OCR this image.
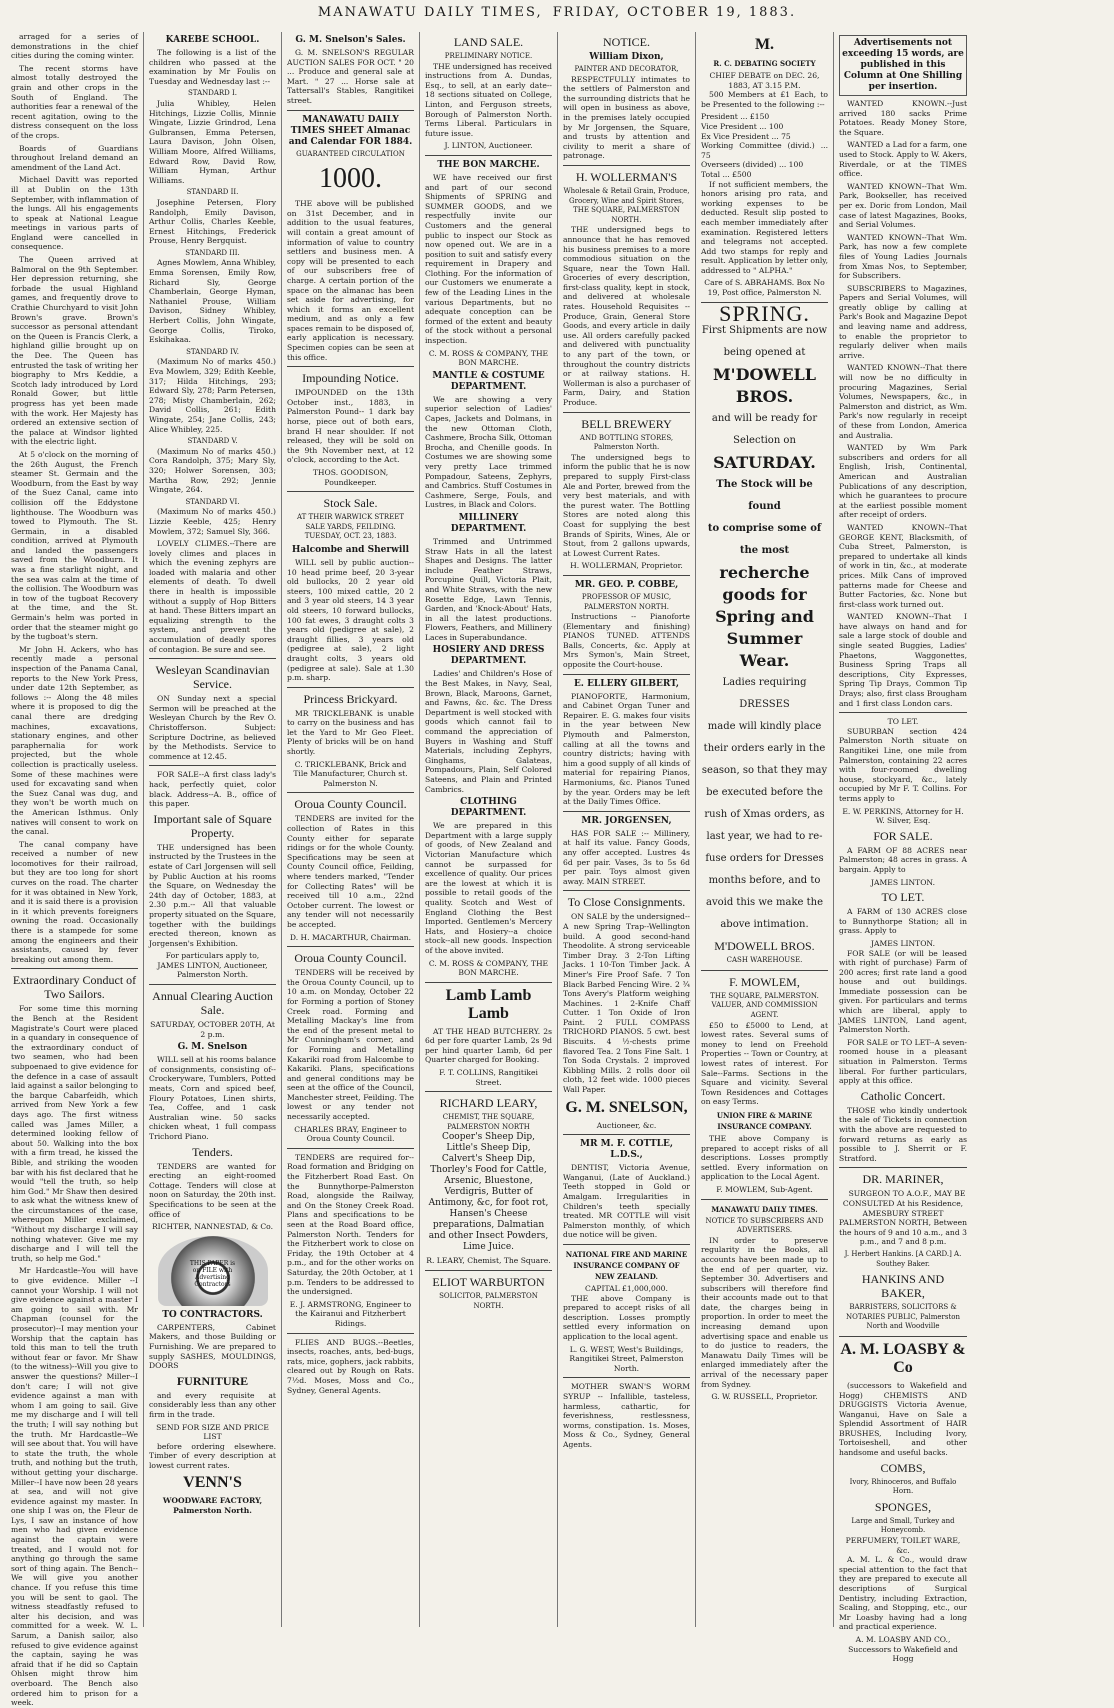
MANAWATU DAILY TIMES, FRIDAY, OCTOBER 19, 1883.

arraged for a series of demonstrations in the chief cities during the coming winter.

The recent storms have almost totally destroyed the grain and other crops in the South of England. The authorities fear a renewal of the recent agitation, owing to the distress consequent on the loss of the crops.

Boards of Guardians throughout Ireland demand an amendment of the Land Act.

Michael Davitt was reported ill at Dublin on the 13th September, with inflammation of the lungs. All his engagements to speak at National League meetings in various parts of England were cancelled in consequence.

The Queen arrived at Balmoral on the 9th September. Her depression returning, she forbade the usual Highland games, and frequently drove to Crathie Churchyard to visit John Brown's grave. Brown's successor as personal attendant on the Queen is Francis Clerk, a highland gillie brought up on the Dee. The Queen has entrusted the task of writing her biography to Mrs Keddie, a Scotch lady introduced by Lord Ronald Gower, but little progress has yet been made with the work. Her Majesty has ordered an extensive section of the palace at Windsor lighted with the electric light.

At 5 o'clock on the morning of the 26th August, the French steamer St. Germain and the Woodburn, from the East by way of the Suez Canal, came into collision off the Eddystone lighthouse. The Woodburn was towed to Plymouth. The St. Germain, in a disabled condition, arrived at Plymouth and landed the passengers saved from the Woodburn. It was a fine starlight night, and the sea was calm at the time of the collision. The Woodburn was in tow of the tugboat Recovery at the time, and the St. Germain's helm was ported in order that the steamer might go by the tugboat's stern.

Mr John H. Ackers, who has recently made a personal inspection of the Panama Canal, reports to the New York Press, under date 12th September, as follows :-- Along the 48 miles where it is proposed to dig the canal there are dredging machines, excavations, stationary engines, and other paraphernalia for work projected, but the whole collection is practically useless. Some of these machines were used for excavating sand when the Suez Canal was dug, and they won't be worth much on the American Isthmus. Only natives will consent to work on the canal.

The canal company have received a number of new locomotives for their railroad, but they are too long for short curves on the road. The charter for it was obtained in New York, and it is said there is a provision in it which prevents foreigners owning the road. Occasionally there is a stampede for some among the engineers and their assistants, caused by fever breaking out among them.

Extraordinary Conduct of Two Sailors.

For some time this morning the Bench at the Resident Magistrate's Court were placed in a quandary in consequence of the extraordinary conduct of two seamen, who had been subpoenaed to give evidence for the defence in a case of assault laid against a sailor belonging to the barque Cabarfeidh, which arrived from New York a few days ago. The first witness called was James Miller, a determined looking fellow of about 50. Walking into the box with a firm tread, he kissed the Bible, and striking the wooden bar with his fist declared that he would "tell the truth, so help him God." Mr Shaw then desired to ask what the witness knew of the circumstances of the case, whereupon Miller exclaimed, "Without my discharge I will say nothing whatever. Give me my discharge and I will tell the truth, so help me God."

Mr Hardcastle--You will have to give evidence. Miller --I cannot your Worship. I will not give evidence against a master I am going to sail with. Mr Chapman (counsel for the prosecutor)--I may mention your Worship that the captain has told this man to tell the truth without fear or favor. Mr Shaw (to the witness)--Will you give to answer the questions? Miller--I don't care; I will not give evidence against a man with whom I am going to sail. Give me my discharge and I will tell the truth; I will say nothing but the truth. Mr Hardcastle--We will see about that. You will have to state the truth, the whole truth, and nothing but the truth, without getting your discharge. Miller--I have now been 28 years at sea, and will not give evidence against my master. In one ship I was on, the Fleur de Lys, I saw an instance of how men who had given evidence against the captain were treated, and I would not for anything go through the same sort of thing again. The Bench--We will give you another chance. If you refuse this time you will be sent to gaol. The witness steadfastly refused to alter his decision, and was committed for a week. W. L. Sarum, a Danish sailor, also refused to give evidence against the captain, saying he was afraid that if he did so Captain Ohlsen might throw him overboard. The Bench also ordered him to prison for a week.

KAREBE SCHOOL.

The following is a list of the children who passed at the examination by Mr Foulis on Tuesday and Wednesday last :--

STANDARD I.

Julia Whibley, Helen Hitchings, Lizzie Collis, Minnie Wingate, Lizzie Grindrod, Lena Gulbransen, Emma Petersen, Laura Davison, John Olsen, William Moore, Alfred Williams, Edward Row, David Row, William Hyman, Arthur Williams.

STANDARD II.

Josephine Petersen, Flory Randolph, Emily Davison, Arthur Collis, Charles Keeble, Ernest Hitchings, Frederick Prouse, Henry Bergquist.

STANDARD III.

Agnes Mowlem, Anna Whibley, Emma Sorensen, Emily Row, Richard Sly, George Chamberlain, George Hyman, Nathaniel Prouse, William Davison, Sidney Whibley, Herbert Collis, John Wingate, George Collis, Tiroko, Eskihakaa.

STANDARD IV.

(Maximum No of marks 450.) Eva Mowlem, 329; Edith Keeble, 317; Hilda Hitchings, 293; Edward Sly, 278; Parm Petersen, 278; Misty Chamberlain, 262; David Collis, 261; Edith Wingate, 254; Jane Collis, 243; Alice Whibley, 225.

STANDARD V.

(Maximum No of marks 450.) Cora Randolph, 375; Mary Sly, 320; Holwer Sorensen, 303; Martha Row, 292; Jennie Wingate, 264.

STANDARD VI.

(Maximum No of marks 450.) Lizzie Keeble, 425; Henry Mowlem, 372; Samuel Sly, 366.

LOVELY CLIMES.--There are lovely climes and places in which the evening zephyrs are loaded with malaria and other elements of death. To dwell there in health is impossible without a supply of Hop Bitters at hand. These Bitters impart an equalizing strength to the system, and prevent the accumulation of deadly spores of contagion. Be sure and see.

Wesleyan Scandinavian Service.

ON Sunday next a special Sermon will be preached at the Wesleyan Church by the Rev O. Christofferson. Subject: Scripture Doctrine, as believed by the Methodists. Service to commence at 12.45.

FOR SALE--A first class lady's hack, perfectly quiet, color black. Address--A. B., office of this paper.

Important sale of Square Property.

THE undersigned has been instructed by the Trustees in the estate of Carl Jorgensen will sell by Public Auction at his rooms the Square, on Wednesday the 24th day of October, 1883, at 2.30 p.m.-- All that valuable property situated on the Square, together with the buildings erected thereon, known as Jorgensen's Exhibition.

For particulars apply to,
JAMES LINTON, Auctioneer, Palmerston North.
Annual Clearing Auction Sale.
SATURDAY, OCTOBER 20TH, At 2 p.m.
G. M. Snelson

WILL sell at his rooms balance of consignments, consisting of-- Crockeryware, Tumblers, Potted meats, Corn and spiced beef, Floury Potatoes, Linen shirts, Tea, Coffee, and 1 cask Australian wine. 50 sacks chicken wheat, 1 full compass Trichord Piano.

Tenders.

TENDERS are wanted for erecting an eight-roomed Cottage. Tenders will close at noon on Saturday, the 20th inst. Specifications to be seen at the office of

RICHTER, NANNESTAD, & Co.
THIS PAPER is on FILE with Advertising Contractors
TO CONTRACTORS.

CARPENTERS, Cabinet Makers, and those Building or Furnishing. We are prepared to supply SASHES, MOULDINGS, DOORS

FURNITURE

and every requisite at considerably less than any other firm in the trade.

SEND FOR SIZE AND PRICE LIST

before ordering elsewhere. Timber of every description at lowest current rates.

VENN'S
WOODWARE FACTORY, Palmerston North.
G. M. Snelson's Sales.

G. M. SNELSON'S REGULAR AUCTION SALES FOR OCT. " 20 ... Produce and general sale at Mart. " 27 ... Horse sale at Tattersall's Stables, Rangitikei street.

MANAWATU DAILY TIMES SHEET Almanac and Calendar FOR 1884.
GUARANTEED CIRCULATION
1000.

THE above will be published on 31st December, and in addition to the usual features, will contain a great amount of information of value to country settlers and business men. A copy will be presented to each of our subscribers free of charge. A certain portion of the space on the almanac has been set aside for advertising, for which it forms an excellent medium, and as only a few spaces remain to be disposed of, early application is necessary. Specimen copies can be seen at this office.

Impounding Notice.

IMPOUNDED on the 13th October inst., 1883, in Palmerston Pound-- 1 dark bay horse, piece out of both ears, brand H near shoulder. If not released, they will be sold on the 9th November next, at 12 o'clock, according to the Act.

THOS. GOODISON, Poundkeeper.
Stock Sale.
AT THEIR WARWICK STREET SALE YARDS, FEILDING. TUESDAY, OCT. 23, 1883.
Halcombe and Sherwill

WILL sell by public auction-- 10 head prime beef, 20 3-year old bullocks, 20 2 year old steers, 100 mixed cattle, 20 2 and 3 year old steers, 14 3 year old steers, 10 forward bullocks, 100 fat ewes, 3 draught colts 3 years old (pedigree at sale), 2 draught fillies, 3 years old (pedigree at sale), 2 light draught colts, 3 years old (pedigree at sale). Sale at 1.30 p.m. sharp.

Princess Brickyard.

MR TRICKLEBANK is unable to carry on the business and has let the Yard to Mr Geo Fleet. Plenty of bricks will be on hand shortly.

C. TRICKLEBANK, Brick and Tile Manufacturer, Church st. Palmerston N.
Oroua County Council.

TENDERS are invited for the collection of Rates in this County either for separate ridings or for the whole County. Specifications may be seen at County Council office, Feilding, where tenders marked, "Tender for Collecting Rates" will be received till 10 a.m., 22nd October current. The lowest or any tender will not necessarily be accepted.

D. H. MACARTHUR, Chairman.
Oroua County Council.

TENDERS will be received by the Oroua County Council, up to 10 a.m. on Monday, October 22 for Forming a portion of Stoney Creek road. Forming and Metalling Mackay's line from the end of the present metal to Mr Cunningham's corner, and for Forming and Metalling Kakariki road from Halcombe to Kakariki. Plans, specifications and general conditions may be seen at the office of the Council, Manchester street, Feilding. The lowest or any tender not necessarily accepted.

CHARLES BRAY, Engineer to Oroua County Council.

TENDERS are required for-- Road formation and Bridging on the Fitzherbert Road East. On the Bunnythorpe-Palmerston Road, alongside the Railway, and On the Stoney Creek Road. Plans and specifications to be seen at the Road Board office, Palmerston North. Tenders for the Fitzherbert work to close on Friday, the 19th October at 4 p.m., and for the other works on Saturday, the 20th October, at 1 p.m. Tenders to be addressed to the undersigned.

E. J. ARMSTRONG, Engineer to the Kairanui and Fitzherbert Ridings.

FLIES AND BUGS.--Beetles, insects, roaches, ants, bed-bugs, rats, mice, gophers, jack rabbits, cleared out by Rough on Rats. 7½d. Moses, Moss and Co., Sydney, General Agents.

LAND SALE.
PRELIMINARY NOTICE.

THE undersigned has received instructions from A. Dundas, Esq., to sell, at an early date-- 18 sections situated on College, Linton, and Ferguson streets, Borough of Palmerston North. Terms Liberal. Particulars in future issue.

J. LINTON, Auctioneer.
THE BON MARCHE.

WE have received our first and part of our second Shipments of SPRING and SUMMER GOODS, and we respectfully invite our Customers and the general public to inspect our Stock as now opened out. We are in a position to suit and satisfy every requirement in Drapery and Clothing. For the information of our Customers we enumerate a few of the Leading Lines in the various Departments, but no adequate conception can be formed of the extent and beauty of the stock without a personal inspection.

C. M. ROSS & COMPANY, THE BON MARCHE.
MANTLE & COSTUME DEPARTMENT.

We are showing a very superior selection of Ladies' Capes, Jackets and Dolmans, in the new Ottoman Cloth, Cashmere, Brocha Silk, Ottoman Brocha, and Chenille goods. In Costumes we are showing some very pretty Lace trimmed Pompadour, Sateens, Zephyrs, and Cambrics. Stuff Costumes in Cashmere, Serge, Fouls, and Lustres, in Black and Colors.

MILLINERY DEPARTMENT.

Trimmed and Untrimmed Straw Hats in all the latest Shapes and Designs. The latter include Feather Straws, Porcupine Quill, Victoria Plait, and White Straws, with the new Rosette Edge, Lawn Tennis, Garden, and 'Knock-About' Hats, in all the latest productions. Flowers, Feathers, and Millinery Laces in Superabundance.

HOSIERY AND DRESS DEPARTMENT.

Ladies' and Children's Hose of the Best Makes, in Navy, Seal, Brown, Black, Maroons, Garnet, and Fawns, &c. &c. The Dress Department is well stocked with goods which cannot fail to command the appreciation of Buyers in Washing and Stuff Materials, including Zephyrs, Ginghams, Galateas, Pompadours, Plain, Self Colored Sateens, and Plain and Printed Cambrics.

CLOTHING DEPARTMENT.

We are prepared in this Department with a large supply of goods, of New Zealand and Victorian Manufacture which cannot be surpassed for excellence of quality. Our prices are the lowest at which it is possible to retail goods of the quality. Scotch and West of England Clothing the Best Imported. Gentlemen's Mercery Hats, and Hosiery--a choice stock--all new goods. Inspection of the above invited.

C. M. ROSS & COMPANY, THE BON MARCHE.
Lamb Lamb Lamb

AT THE HEAD BUTCHERY. 2s 6d per fore quarter Lamb, 2s 9d per hind quarter Lamb, 6d per Quarter charged for Booking.

F. T. COLLINS, Rangitikei Street.
RICHARD LEARY,
CHEMIST, THE SQUARE, PALMERSTON NORTH

Cooper's Sheep Dip, Little's Sheep Dip, Calvert's Sheep Dip, Thorley's Food for Cattle, Arsenic, Bluestone, Verdigris, Butter of Antimony, &c, for foot rot, Hansen's Cheese preparations, Dalmatian and other Insect Powders, Lime Juice.

R. LEARY, Chemist, The Square.
ELIOT WARBURTON
SOLICITOR, PALMERSTON NORTH.
NOTICE.
William Dixon,
PAINTER AND DECORATOR,

RESPECTFULLY intimates to the settlers of Palmerston and the surrounding districts that he will open in business as above, in the premises lately occupied by Mr Jorgensen, the Square, and trusts by attention and civility to merit a share of patronage.

H. WOLLERMAN'S
Wholesale & Retail Grain, Produce, Grocery, Wine and Spirit Stores, THE SQUARE, PALMERSTON NORTH.

THE undersigned begs to announce that he has removed his business premises to a more commodious situation on the Square, near the Town Hall. Groceries of every description, first-class quality, kept in stock, and delivered at wholesale rates. Household Requisites -- Produce, Grain, General Store Goods, and every article in daily use. All orders carefully packed and delivered with punctuality to any part of the town, or throughout the country districts or at railway stations. H. Wollerman is also a purchaser of Farm, Dairy, and Station Produce.

BELL BREWERY
AND BOTTLING STORES, Palmerston North.

The undersigned begs to inform the public that he is now prepared to supply First-class Ale and Porter, brewed from the very best materials, and with the purest water. The Bottling Stores are noted along this Coast for supplying the best Brands of Spirits, Wines, Ale or Stout, from 2 gallons upwards, at Lowest Current Rates.

H. WOLLERMAN, Proprietor.
MR. GEO. P. COBBE,
PROFESSOR OF MUSIC, PALMERSTON NORTH.

Instructions -- Pianoforte (Elementary and finishing) PIANOS TUNED. ATTENDS Balls, Concerts, &c. Apply at Mrs Symon's, Main Street, opposite the Court-house.

E. ELLERY GILBERT,

PIANOFORTE, Harmonium, and Cabinet Organ Tuner and Repairer. E. G. makes four visits in the year between New Plymouth and Palmerston, calling at all the towns and country districts; having with him a good supply of all kinds of material for repairing Pianos, Harmoniums, &c. Pianos Tuned by the year. Orders may be left at the Daily Times Office.

MR. JORGENSEN,

HAS FOR SALE :-- Millinery, at half its value. Fancy Goods, any offer accepted. Lustres 4s 6d per pair. Vases, 3s to 5s 6d per pair. Toys almost given away. MAIN STREET.

To Close Consignments.

ON SALE by the undersigned-- A new Spring Trap--Wellington build. A good second-hand Theodolite. A strong serviceable Timber Dray. 3 2-Ton Lifting Jacks. 1 10-Ton Timber Jack. A Miner's Fire Proof Safe. 7 Ton Black Barbed Fencing Wire. 2 ¾ Tons Avery's Platform weighing Machines. 1 2-Knife Chaff Cutter. 1 Ton Oxide of Iron Paint. 2 FULL COMPASS TRICHORD PIANOS. 5 cwt. best Biscuits. 4 ½-chests prime flavored Tea. 2 Tons Fine Salt. 1 Ton Soda Crystals. 2 improved Kibbling Mills. 2 rolls door oil cloth, 12 feet wide. 1000 pieces Wall Paper.

G. M. SNELSON,
Auctioneer, &c.
MR M. F. COTTLE, L.D.S.,

DENTIST, Victoria Avenue, Wanganui, (Late of Auckland.) Teeth stopped in Gold or Amalgam. Irregularities in Children's teeth specially treated. MR COTTLE will visit Palmerston monthly, of which due notice will be given.

NATIONAL FIRE AND MARINE INSURANCE COMPANY OF NEW ZEALAND.
CAPITAL £1,000,000.

THE above Company is prepared to accept risks of all description. Losses promptly settled every information on application to the local agent.

L. G. WEST, West's Buildings, Rangitikei Street, Palmerston North.

MOTHER SWAN'S WORM SYRUP -- Infallible, tasteless, harmless, cathartic, for feverishness, restlessness, worms, constipation. 1s. Moses, Moss & Co., Sydney, General Agents.

M.
R. C. DEBATING SOCIETY
CHIEF DEBATE on DEC. 26, 1883, AT 3.15 P.M.

500 Members at £1 Each, to be Presented to the following :--

President ... £150
Vice President ... 100
Ex Vice President ... 75
Working Committee (divid.) ... 75
Overseers (divided) ... 100
Total ... £500

If not sufficient members, the honors arising pro rata, and working expenses to be deducted. Result slip posted to each member immediately after examination. Registered letters and telegrams not accepted. Add two stamps for reply and result. Application by letter only, addressed to " ALPHA."

Care of S. ABRAHAMS. Box No 19, Post office, Palmerston N.
SPRING.
First Shipments are now being opened at
M'DOWELL BROS.
and will be ready for
Selection on
SATURDAY.
The Stock will be found
to comprise some of the most
recherche goods for
Spring and Summer
Wear.
Ladies requiring DRESSES
made will kindly place
their orders early in the
season, so that they may
be executed before the
rush of Xmas orders, as
last year, we had to re-
fuse orders for Dresses
months before, and to
avoid this we make the
above intimation.
M'DOWELL BROS.
CASH WAREHOUSE.
F. MOWLEM,
THE SQUARE, PALMERSTON.
VALUER, AND COMMISSION AGENT.

£50 to £5000 to Lend, at lowest rates. Several sums of money to lend on Freehold Properties -- Town or Country, at lowest rates of interest. For Sale--Farms. Sections in the Square and vicinity. Several Town Residences and Cottages on easy Terms.

UNION FIRE & MARINE INSURANCE COMPANY.

THE above Company is prepared to accept risks of all descriptions. Losses promptly settled. Every information on application to the Local Agent.

F. MOWLEM, Sub-Agent.
MANAWATU DAILY TIMES.
NOTICE TO SUBSCRIBERS AND ADVERTISERS.

IN order to preserve regularity in the Books, all accounts have been made up to the end of per quarter, viz. September 30. Advertisers and subscribers will therefore find their accounts made out to that date, the charges being in proportion. In order to meet the increasing demand upon advertising space and enable us to do justice to readers, the Manawatu Daily Times will be enlarged immediately after the arrival of the necessary paper from Sydney.

G. W. RUSSELL, Proprietor.
Advertisements not exceeding 15 words, are published in this Column at One Shilling per insertion.

WANTED KNOWN.--Just arrived 180 sacks Prime Potatoes. Ready Money Store, the Square.

WANTED a Lad for a farm, one used to Stock. Apply to W. Akers, Riverdale, or at the TIMES office.

WANTED KNOWN--That Wm. Park, Bookseller, has received per ex. Doric from London, Mail case of latest Magazines, Books, and Serial Volumes.

WANTED KNOWN--That Wm. Park, has now a few complete files of Young Ladies Journals from Xmas Nos, to September, for Subscribers.

SUBSCRIBERS to Magazines, Papers and Serial Volumes, will greatly oblige by calling at Park's Book and Magazine Depot and leaving name and address, to enable the proprietor to regularly deliver when mails arrive.

WANTED KNOWN--That there will now be no difficulty in procuring Magazines, Serial Volumes, Newspapers, &c., in Palmerston and district, as Wm. Park's now regularly in receipt of these from London, America and Australia.

WANTED by Wm Park subscribers and orders for all English, Irish, Continental, American and Australian Publications of any description, which he guarantees to procure at the earliest possible moment after receipt of orders.

WANTED KNOWN--That GEORGE KENT, Blacksmith, of Cuba Street, Palmerston, is prepared to undertake all kinds of work in tin, &c., at moderate prices. Milk Cans of improved patterns made for Cheese and Butter Factories, &c. None but first-class work turned out.

WANTED KNOWN--That I have always on hand and for sale a large stock of double and single seated Buggies, Ladies' Phaetons, Waggonettes, Business Spring Traps all descriptions, City Expresses, Spring Tip Drays, Common Tip Drays; also, first class Brougham and 1 first class London cars.

TO LET.

SUBURBAN section 424 Palmerston North situate on Rangitikei Line, one mile from Palmerston, containing 22 acres with four-roomed dwelling house, stockyard, &c., lately occupied by Mr F. T. Collins. For terms apply to

E. W. PERKINS, Attorney for H. W. Silver, Esq.
FOR SALE.

A FARM OF 88 ACRES near Palmerston; 48 acres in grass. A bargain. Apply to

JAMES LINTON.
TO LET.

A FARM of 130 ACRES close to Bunnythorpe Station; all in grass. Apply to

JAMES LINTON.

FOR SALE (or will be leased with right of purchase) Farm of 200 acres; first rate land a good house and out buildings. Immediate possession can be given. For particulars and terms which are liberal, apply to JAMES LINTON, Land agent, Palmerston North.

FOR SALE or TO LET--A seven-roomed house in a pleasant situation in Palmerston. Terms liberal. For further particulars, apply at this office.

Catholic Concert.

THOSE who kindly undertook the sale of Tickets in connection with the above are requested to forward returns as early as possible to J. Sherrit or F. Stratford.

DR. MARINER,

SURGEON TO A.O.F., MAY BE CONSULTED At his Residence, AMESBURY STREET PALMERSTON NORTH, Between the hours of 9 and 10 a.m., and 3 p.m., and 7 and 8 p.m.

J. Herbert Hankins. [A CARD.] A. Southey Baker.
HANKINS AND BAKER,
BARRISTERS, SOLICITORS & NOTARIES PUBLIC, Palmerston North and Woodville
A. M. LOASBY & Co

(successors to Wakefield and Hogg) CHEMISTS AND DRUGGISTS Victoria Avenue, Wanganui, Have on Sale a Splendid Assortment of HAIR BRUSHES, Including Ivory, Tortoiseshell, and other handsome and useful backs.

COMBS,
Ivory, Rhinoceros, and Buffalo Horn.
SPONGES,
Large and Small, Turkey and Honeycomb.
PERFUMERY, TOILET WARE, &c.

A. M. L. & Co., would draw special attention to the fact that they are prepared to execute all descriptions of Surgical Dentistry, including Extraction, Scaling, and Stopping, etc., our Mr Loasby having had a long and practical experience.

A. M. LOASBY AND CO., Successors to Wakefield and Hogg
